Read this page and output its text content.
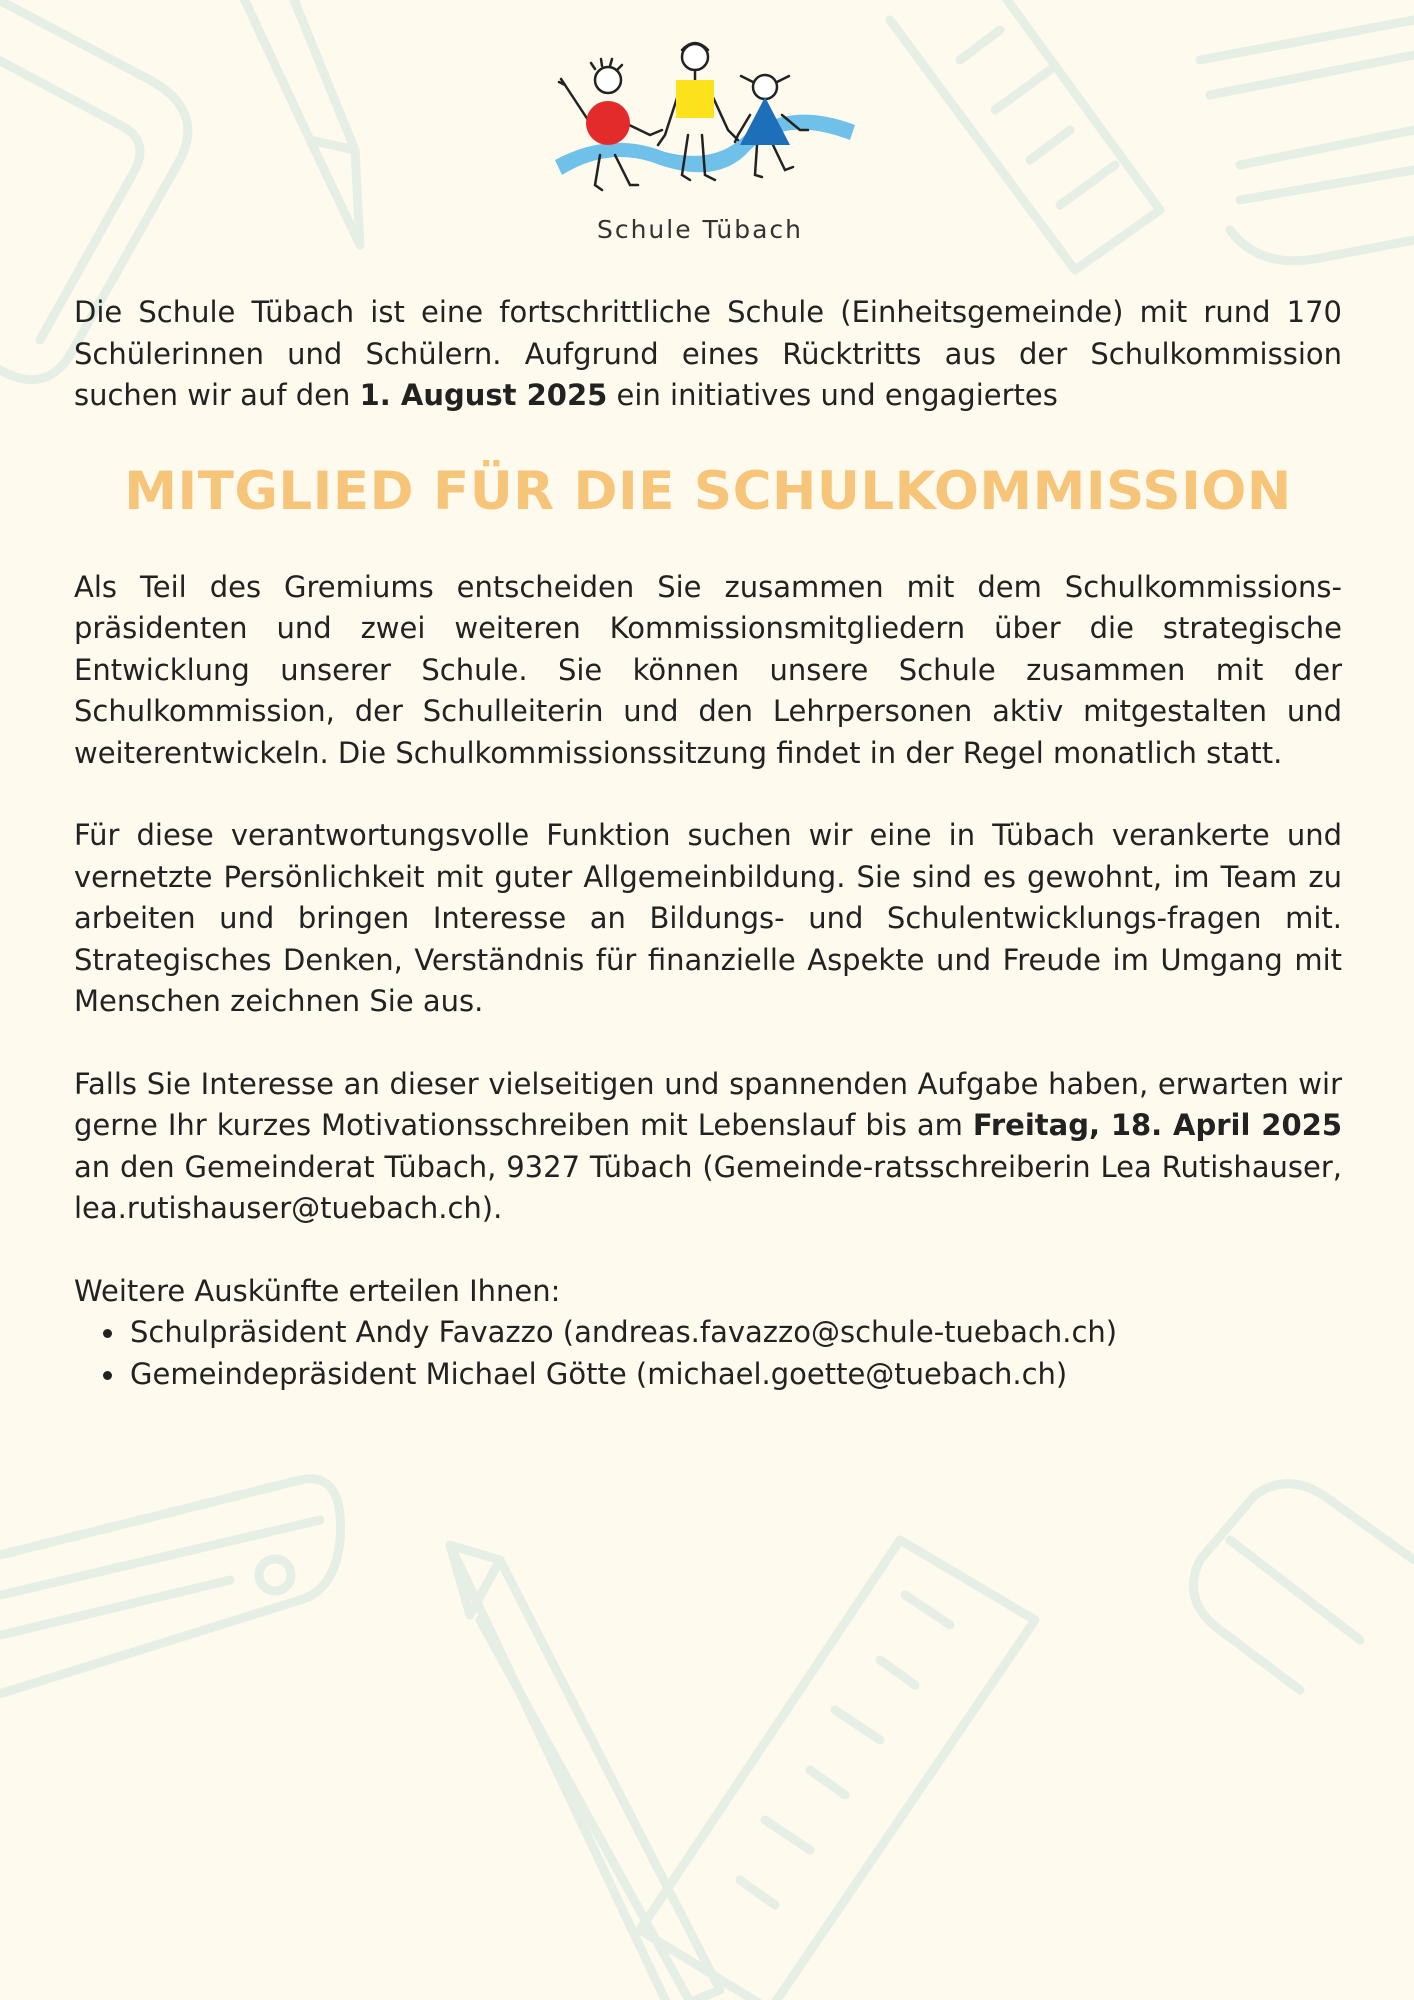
Schule Tübach

Die Schule Tübach ist eine fortschrittliche Schule (Einheitsgemeinde) mit rund 170 Schülerinnen und Schülern. Aufgrund eines Rücktritts aus der Schulkommission suchen wir auf den 1. August 2025 ein initiatives und engagiertes

MITGLIED FÜR DIE SCHULKOMMISSION

Als Teil des Gremiums entscheiden Sie zusammen mit dem Schulkommissions-präsidenten und zwei weiteren Kommissionsmitgliedern über die strategische Entwicklung unserer Schule. Sie können unsere Schule zusammen mit der Schulkommission, der Schulleiterin und den Lehrpersonen aktiv mitgestalten und weiterentwickeln. Die Schulkommissionssitzung findet in der Regel monatlich statt.

Für diese verantwortungsvolle Funktion suchen wir eine in Tübach verankerte und vernetzte Persönlichkeit mit guter Allgemeinbildung. Sie sind es gewohnt, im Team zu arbeiten und bringen Interesse an Bildungs- und Schulentwicklungs-fragen mit. Strategisches Denken, Verständnis für finanzielle Aspekte und Freude im Umgang mit Menschen zeichnen Sie aus.

Falls Sie Interesse an dieser vielseitigen und spannenden Aufgabe haben, erwarten wir gerne Ihr kurzes Motivationsschreiben mit Lebenslauf bis am Freitag, 18. April 2025 an den Gemeinderat Tübach, 9327 Tübach (Gemeinde-ratsschreiberin Lea Rutishauser, lea.rutishauser@tuebach.ch).

Weitere Auskünfte erteilen Ihnen:

Schulpräsident Andy Favazzo (andreas.favazzo@schule-tuebach.ch)
Gemeindepräsident Michael Götte (michael.goette@tuebach.ch)
